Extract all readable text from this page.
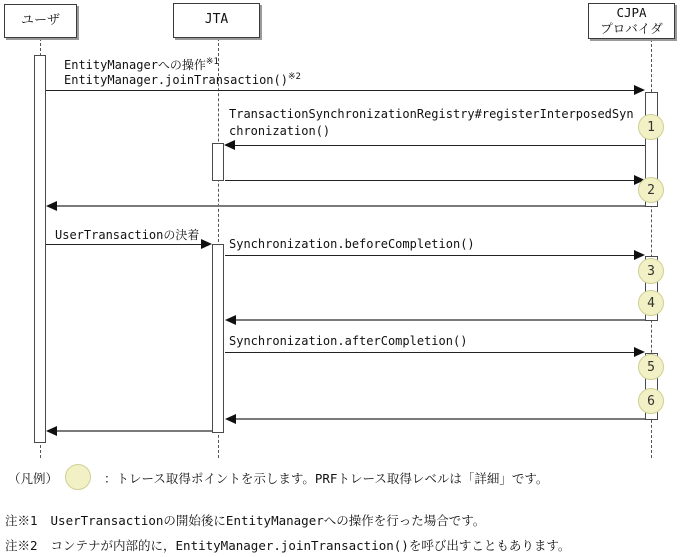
ユーザ	JTA	CJPA
プロバイダ
EntityManagerへの操作$^{※1}$
EntityManager.joinTransaction()$^{※2}$
TransactionSynchronizationRegistry#registerInterposedSyn
chronization()
UserTransactionの決着
Synchronization.beforeCompletion()
Synchronization.afterCompletion()
1
2
3
4
5
6
（凡例）	：トレース取得ポイントを示します。PRFトレース取得レベルは「詳細」です。
注※1 UserTransactionの開始後にEntityManagerへの操作を行った場合です。
注※2 コンテナが内部的に，EntityManager.joinTransaction()を呼び出すこともあります。
